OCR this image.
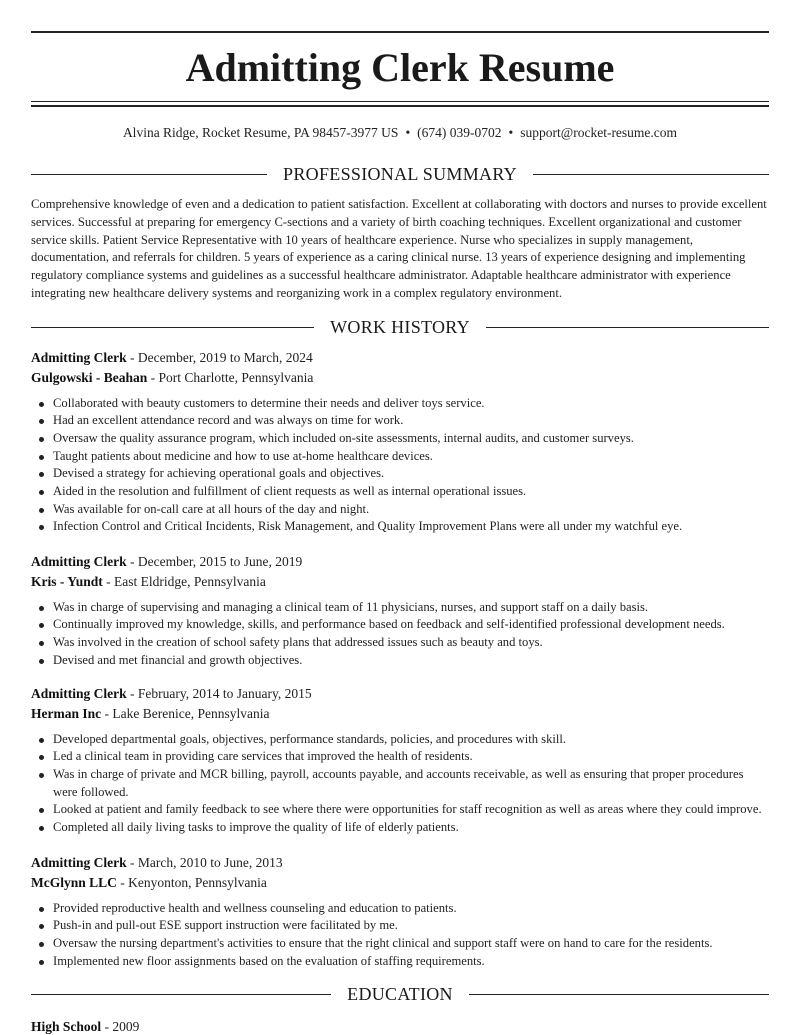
Admitting Clerk Resume
Alvina Ridge, Rocket Resume, PA 98457-3977 US • (674) 039-0702 • support@rocket-resume.com
PROFESSIONAL SUMMARY

Comprehensive knowledge of even and a dedication to patient satisfaction. Excellent at collaborating with doctors and nurses to provide excellent services. Successful at preparing for emergency C-sections and a variety of birth coaching techniques. Excellent organizational and customer service skills. Patient Service Representative with 10 years of healthcare experience. Nurse who specializes in supply management, documentation, and referrals for children. 5 years of experience as a caring clinical nurse. 13 years of experience designing and implementing regulatory compliance systems and guidelines as a successful healthcare administrator. Adaptable healthcare administrator with experience integrating new healthcare delivery systems and reorganizing work in a complex regulatory environment.

WORK HISTORY
Admitting Clerk - December, 2019 to March, 2024
Gulgowski - Beahan - Port Charlotte, Pennsylvania
Collaborated with beauty customers to determine their needs and deliver toys service.
Had an excellent attendance record and was always on time for work.
Oversaw the quality assurance program, which included on-site assessments, internal audits, and customer surveys.
Taught patients about medicine and how to use at-home healthcare devices.
Devised a strategy for achieving operational goals and objectives.
Aided in the resolution and fulfillment of client requests as well as internal operational issues.
Was available for on-call care at all hours of the day and night.
Infection Control and Critical Incidents, Risk Management, and Quality Improvement Plans were all under my watchful eye.
Admitting Clerk - December, 2015 to June, 2019
Kris - Yundt - East Eldridge, Pennsylvania
Was in charge of supervising and managing a clinical team of 11 physicians, nurses, and support staff on a daily basis.
Continually improved my knowledge, skills, and performance based on feedback and self-identified professional development needs.
Was involved in the creation of school safety plans that addressed issues such as beauty and toys.
Devised and met financial and growth objectives.
Admitting Clerk - February, 2014 to January, 2015
Herman Inc - Lake Berenice, Pennsylvania
Developed departmental goals, objectives, performance standards, policies, and procedures with skill.
Led a clinical team in providing care services that improved the health of residents.
Was in charge of private and MCR billing, payroll, accounts payable, and accounts receivable, as well as ensuring that proper procedures were followed.
Looked at patient and family feedback to see where there were opportunities for staff recognition as well as areas where they could improve.
Completed all daily living tasks to improve the quality of life of elderly patients.
Admitting Clerk - March, 2010 to June, 2013
McGlynn LLC - Kenyonton, Pennsylvania
Provided reproductive health and wellness counseling and education to patients.
Push-in and pull-out ESE support instruction were facilitated by me.
Oversaw the nursing department's activities to ensure that the right clinical and support staff were on hand to care for the residents.
Implemented new floor assignments based on the evaluation of staffing requirements.
EDUCATION
High School - 2009
